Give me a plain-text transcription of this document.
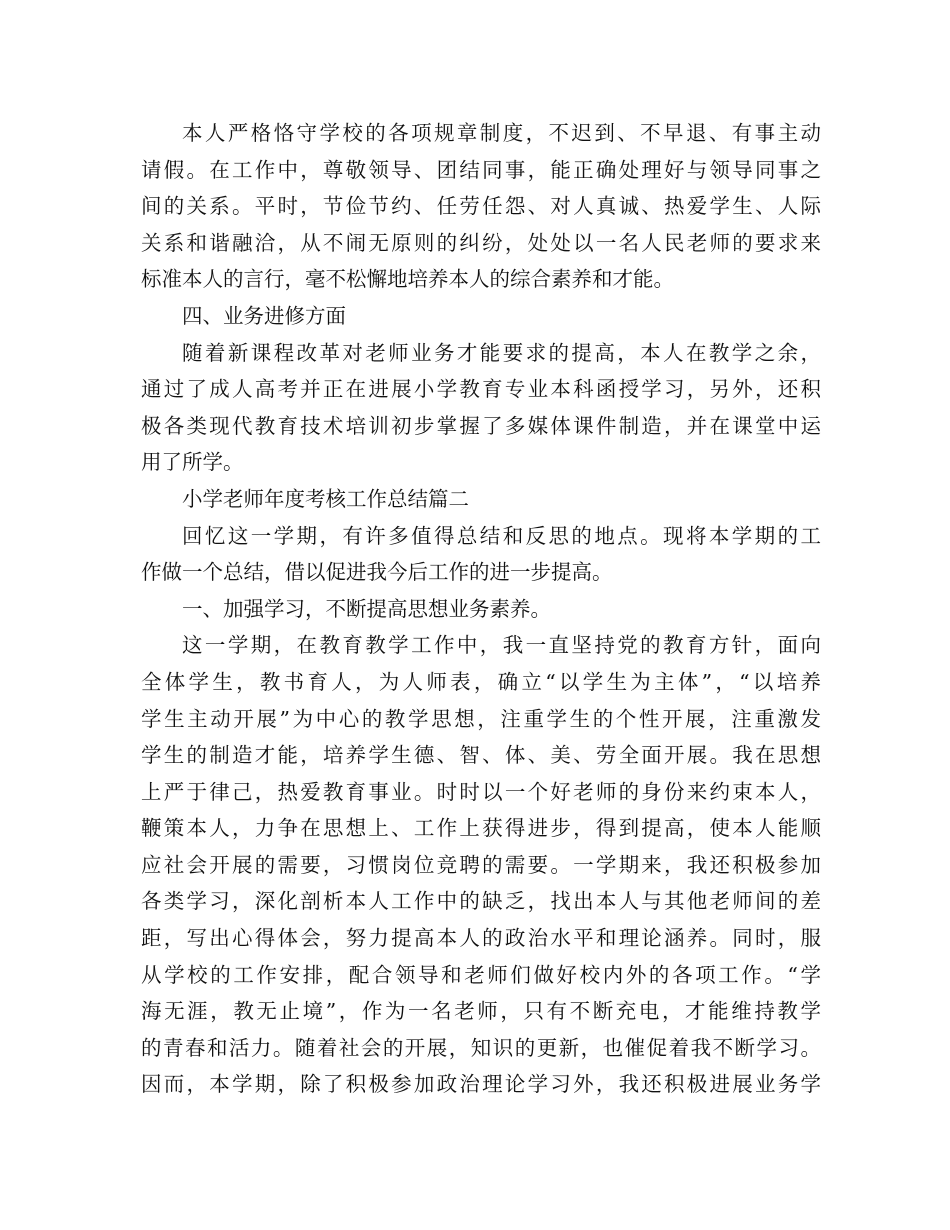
本人严格恪守学校的各项规章制度，不迟到、不早退、有事主动
请假。在工作中，尊敬领导、团结同事，能正确处理好与领导同事之
间的关系。平时，节俭节约、任劳任怨、对人真诚、热爱学生、人际
关系和谐融洽，从不闹无原则的纠纷，处处以一名人民老师的要求来
标准本人的言行，毫不松懈地培养本人的综合素养和才能。
四、业务进修方面
随着新课程改革对老师业务才能要求的提高，本人在教学之余，
通过了成人高考并正在进展小学教育专业本科函授学习，另外，还积
极各类现代教育技术培训初步掌握了多媒体课件制造，并在课堂中运
用了所学。
小学老师年度考核工作总结篇二
回忆这一学期，有许多值得总结和反思的地点。现将本学期的工
作做一个总结，借以促进我今后工作的进一步提高。
一、加强学习，不断提高思想业务素养。
这一学期，在教育教学工作中，我一直坚持党的教育方针，面向
全体学生，教书育人，为人师表，确立“以学生为主体”，“以培养
学生主动开展”为中心的教学思想，注重学生的个性开展，注重激发
学生的制造才能，培养学生德、智、体、美、劳全面开展。我在思想
上严于律己，热爱教育事业。时时以一个好老师的身份来约束本人，
鞭策本人，力争在思想上、工作上获得进步，得到提高，使本人能顺
应社会开展的需要，习惯岗位竞聘的需要。一学期来，我还积极参加
各类学习，深化剖析本人工作中的缺乏，找出本人与其他老师间的差
距，写出心得体会，努力提高本人的政治水平和理论涵养。同时，服
从学校的工作安排，配合领导和老师们做好校内外的各项工作。“学
海无涯，教无止境”，作为一名老师，只有不断充电，才能维持教学
的青春和活力。随着社会的开展，知识的更新，也催促着我不断学习。
因而，本学期，除了积极参加政治理论学习外，我还积极进展业务学
